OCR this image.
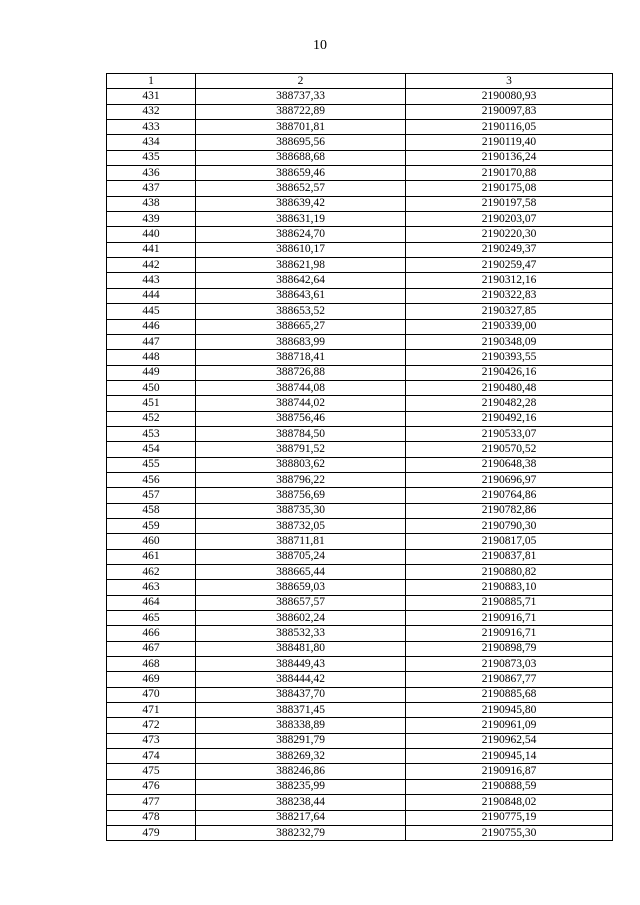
10
1	2	3
431	388737,33	2190080,93
432	388722,89	2190097,83
433	388701,81	2190116,05
434	388695,56	2190119,40
435	388688,68	2190136,24
436	388659,46	2190170,88
437	388652,57	2190175,08
438	388639,42	2190197,58
439	388631,19	2190203,07
440	388624,70	2190220,30
441	388610,17	2190249,37
442	388621,98	2190259,47
443	388642,64	2190312,16
444	388643,61	2190322,83
445	388653,52	2190327,85
446	388665,27	2190339,00
447	388683,99	2190348,09
448	388718,41	2190393,55
449	388726,88	2190426,16
450	388744,08	2190480,48
451	388744,02	2190482,28
452	388756,46	2190492,16
453	388784,50	2190533,07
454	388791,52	2190570,52
455	388803,62	2190648,38
456	388796,22	2190696,97
457	388756,69	2190764,86
458	388735,30	2190782,86
459	388732,05	2190790,30
460	388711,81	2190817,05
461	388705,24	2190837,81
462	388665,44	2190880,82
463	388659,03	2190883,10
464	388657,57	2190885,71
465	388602,24	2190916,71
466	388532,33	2190916,71
467	388481,80	2190898,79
468	388449,43	2190873,03
469	388444,42	2190867,77
470	388437,70	2190885,68
471	388371,45	2190945,80
472	388338,89	2190961,09
473	388291,79	2190962,54
474	388269,32	2190945,14
475	388246,86	2190916,87
476	388235,99	2190888,59
477	388238,44	2190848,02
478	388217,64	2190775,19
479	388232,79	2190755,30
